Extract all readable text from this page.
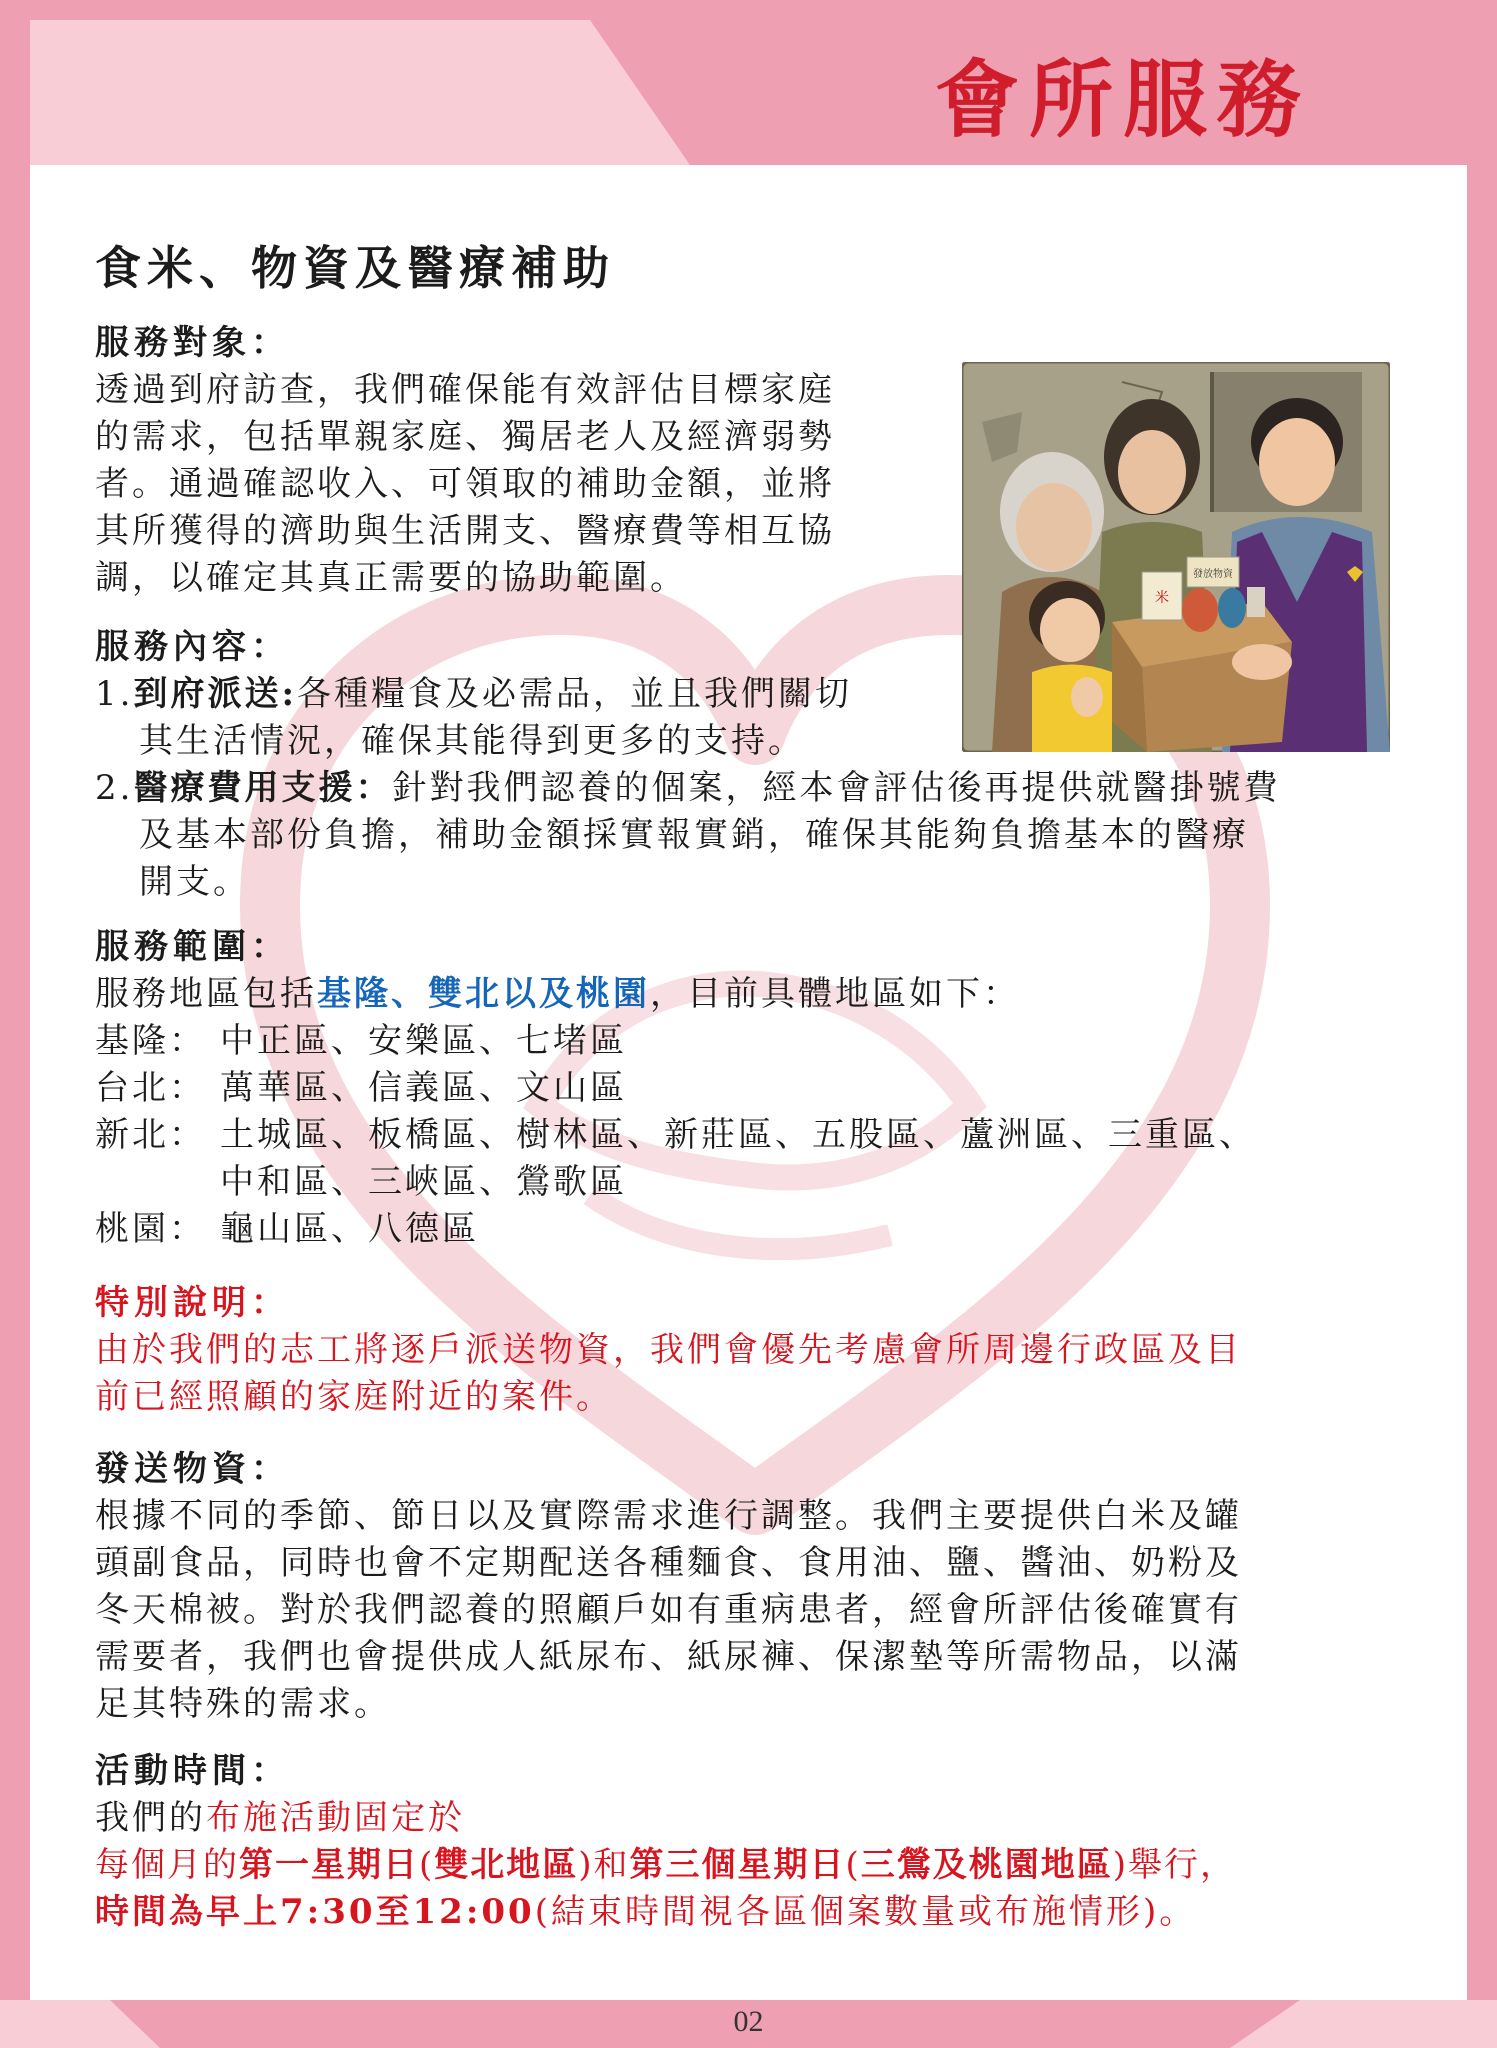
會所服務
食米、物資及醫療補助
服務對象：
透過到府訪查，我們確保能有效評估目標家庭
的需求，包括單親家庭、獨居老人及經濟弱勢
者。通過確認收入、可領取的補助金額，並將
其所獲得的濟助與生活開支、醫療費等相互協
調，以確定其真正需要的協助範圍。
服務內容：
1.到府派送:各種糧食及必需品，並且我們關切
其生活情況，確保其能得到更多的支持。
2.醫療費用支援：針對我們認養的個案，經本會評估後再提供就醫掛號費
及基本部份負擔，補助金額採實報實銷，確保其能夠負擔基本的醫療
開支。
服務範圍：
服務地區包括基隆、雙北以及桃園，目前具體地區如下：
基隆： 中正區、安樂區、七堵區
台北： 萬華區、信義區、文山區
新北： 土城區、板橋區、樹林區、新莊區、五股區、蘆洲區、三重區、
中和區、三峽區、鶯歌區
桃園： 龜山區、八德區
特別說明：
由於我們的志工將逐戶派送物資，我們會優先考慮會所周邊行政區及目
前已經照顧的家庭附近的案件。
發送物資：
根據不同的季節、節日以及實際需求進行調整。我們主要提供白米及罐
頭副食品，同時也會不定期配送各種麵食、食用油、鹽、醬油、奶粉及
冬天棉被。對於我們認養的照顧戶如有重病患者，經會所評估後確實有
需要者，我們也會提供成人紙尿布、紙尿褲、保潔墊等所需物品，以滿
足其特殊的需求。
活動時間：
我們的布施活動固定於
每個月的第一星期日(雙北地區)和第三個星期日(三鶯及桃園地區)舉行，
時間為早上7:30至12:00(結束時間視各區個案數量或布施情形)。
米
發放物資
02
